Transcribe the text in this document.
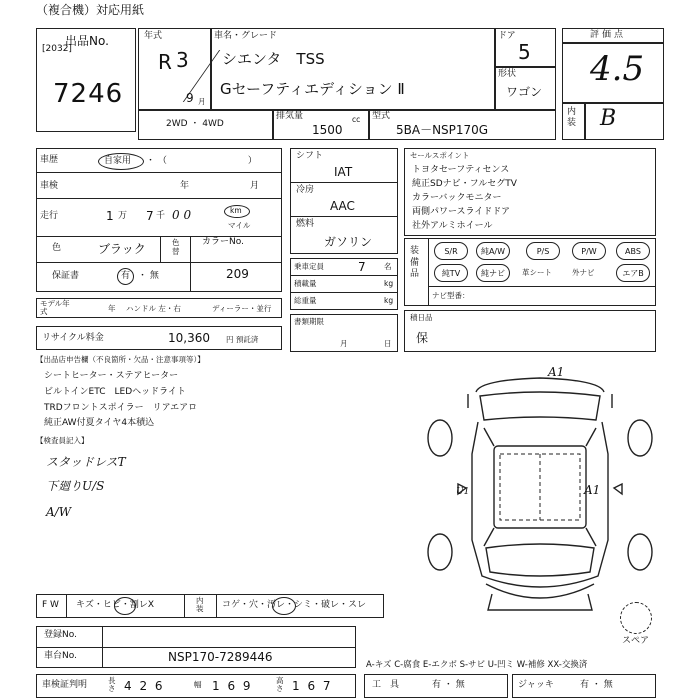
（複合機）対応用紙
出品No.
[2032]
7246
年式
R 3
9 月
車名・グレード
シエンタ　TSS
Gセーフティエディション Ⅱ
ドア
5
形状
ワゴン
評価点
4.5
内装 B
2WD ・ 4WD
排気量
1500
cc 型式
5BA－NSP170G
車歴	自家用 ・ （　　　　　　　　　）
車検	年	月
走行	1 万 7 千 0 0	km
マイル
色	ブラック	色替
カラーNo.
209
保証書	有 ・ 無
モデル年式	年 ハンドル 左・右	ディーラー・並行
リサイクル料金	10,360 円 預託済
シフト
IAT
冷房
AAC
燃料
ガソリン
乗車定員	7 名
積載量	kg
総重量	kg
書類期限
月	日
セールスポイント
トヨタセーフティセンス
純正SDナビ・フルセグTV
カラーバックモニター
両側パワースライドドア
社外アルミホイール
装備品
S/R	純A/W	P/S	P/W	ABS
純TV	純ナビ	革シート	外ナビ	エアB
ナビ型番：
積日品
保
【出品店申告欄（不良箇所・欠品・注意事項等）】
シートヒーター・ステアヒーター
ビルトインETC　LEDヘッドライト
TRDフロントスポイラー　リアエアロ
純正AW付夏タイヤ4本積込
【検査員記入】
スタッドレスT
下廻りU/S
A/W
A1
U1	A1
スペア
F W キズ・ヒビ・割レX	内装 コゲ・穴・汚レ・シミ・破レ・スレ
登録No.
車台No.	NSP170-7289446
車検証判明	長さ 4 2 6	幅 1 6 9	高さ 1 6 7
A-キズ C-腐食 E-エクボ S-サビ U-凹ミ W-補修 XX-交換済
工　具	有 ・ 無	ジャッキ	有 ・ 無
